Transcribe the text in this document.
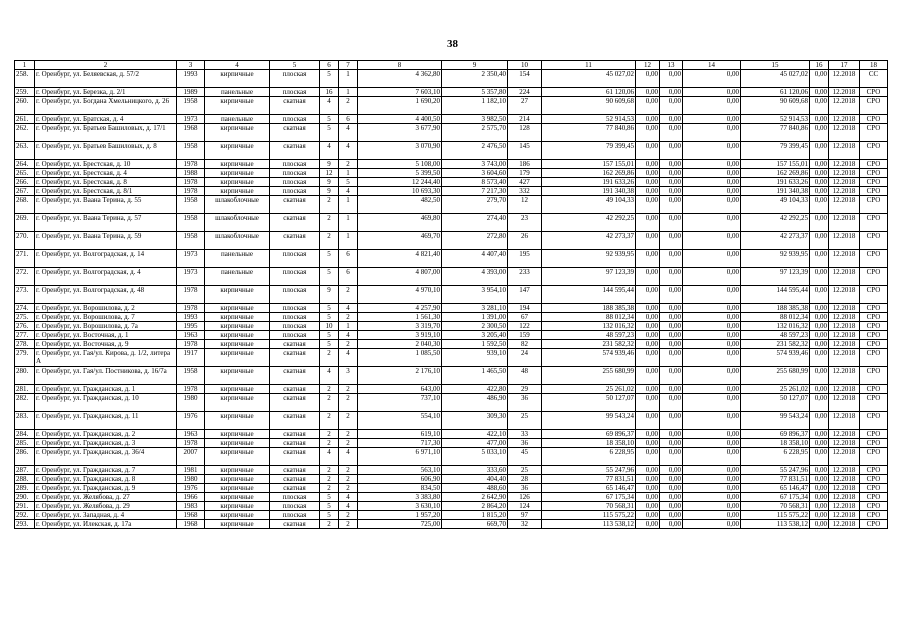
38
1	2	3	4	5	6	7	8	9	10	11	12	13	14	15	16	17	18
258.	г. Оренбург, ул. Беляевская, д. 57/2	1993	кирпичные	плоская	5	1	4 362,80	2 350,40	154	45 027,02	0,00	0,00	0,00	45 027,02	0,00	12.2018	СС
259.	г. Оренбург, ул. Березка, д. 2/1	1989	панельные	плоская	16	1	7 603,10	5 357,80	224	61 120,06	0,00	0,00	0,00	61 120,06	0,00	12.2018	СРО
260.	г. Оренбург, ул. Богдана Хмельницкого, д. 26	1958	кирпичные	скатная	4	2	1 690,20	1 182,10	27	90 609,68	0,00	0,00	0,00	90 609,68	0,00	12.2018	СРО
261.	г. Оренбург, ул. Братская, д. 4	1973	панельные	плоская	5	6	4 400,50	3 982,50	214	52 914,53	0,00	0,00	0,00	52 914,53	0,00	12.2018	СРО
262.	г. Оренбург, ул. Братьев Башиловых, д. 17/1	1968	кирпичные	скатная	5	4	3 677,90	2 575,70	128	77 840,86	0,00	0,00	0,00	77 840,86	0,00	12.2018	СРО
263.	г. Оренбург, ул. Братьев Башиловых, д. 8	1958	кирпичные	скатная	4	4	3 070,90	2 476,50	145	79 399,45	0,00	0,00	0,00	79 399,45	0,00	12.2018	СРО
264.	г. Оренбург, ул. Брестская, д. 10	1978	кирпичные	плоская	9	2	5 108,00	3 743,00	186	157 155,01	0,00	0,00	0,00	157 155,01	0,00	12.2018	СРО
265.	г. Оренбург, ул. Брестская, д. 4	1988	кирпичные	плоская	12	1	5 399,50	3 604,60	179	162 269,86	0,00	0,00	0,00	162 269,86	0,00	12.2018	СРО
266.	г. Оренбург, ул. Брестская, д. 8	1978	кирпичные	плоская	9	5	12 244,40	8 573,40	427	191 633,26	0,00	0,00	0,00	191 633,26	0,00	12.2018	СРО
267.	г. Оренбург, ул. Брестская, д. 8/1	1978	кирпичные	плоская	9	4	10 693,30	7 217,30	332	191 340,38	0,00	0,00	0,00	191 340,38	0,00	12.2018	СРО
268.	г. Оренбург, ул. Ваана Терина, д. 55	1958	шлакоблочные	скатная	2	1	482,50	279,70	12	49 104,33	0,00	0,00	0,00	49 104,33	0,00	12.2018	СРО
269.	г. Оренбург, ул. Ваана Терина, д. 57	1958	шлакоблочные	скатная	2	1	469,80	274,40	23	42 292,25	0,00	0,00	0,00	42 292,25	0,00	12.2018	СРО
270.	г. Оренбург, ул. Ваана Терина, д. 59	1958	шлакоблочные	скатная	2	1	469,70	272,80	26	42 273,37	0,00	0,00	0,00	42 273,37	0,00	12.2018	СРО
271.	г. Оренбург, ул. Волгоградская, д. 14	1973	панельные	плоская	5	6	4 821,40	4 407,40	195	92 939,95	0,00	0,00	0,00	92 939,95	0,00	12.2018	СРО
272.	г. Оренбург, ул. Волгоградская, д. 4	1973	панельные	плоская	5	6	4 807,00	4 393,00	233	97 123,39	0,00	0,00	0,00	97 123,39	0,00	12.2018	СРО
273.	г. Оренбург, ул. Волгоградская, д. 48	1978	кирпичные	плоская	9	2	4 970,10	3 954,10	147	144 595,44	0,00	0,00	0,00	144 595,44	0,00	12.2018	СРО
274.	г. Оренбург, ул. Ворошилова, д. 2	1978	кирпичные	плоская	5	4	4 257,90	3 281,10	194	188 385,38	0,00	0,00	0,00	188 385,38	0,00	12.2018	СРО
275.	г. Оренбург, ул. Ворошилова, д. 7	1993	кирпичные	плоская	5	2	1 561,30	1 391,00	67	88 012,34	0,00	0,00	0,00	88 012,34	0,00	12.2018	СРО
276.	г. Оренбург, ул. Ворошилова, д. 7а	1995	кирпичные	плоская	10	1	3 319,70	2 300,50	122	132 016,32	0,00	0,00	0,00	132 016,32	0,00	12.2018	СРО
277.	г. Оренбург, ул. Восточная, д. 1	1963	кирпичные	плоская	5	4	3 919,10	3 205,40	159	48 597,23	0,00	0,00	0,00	48 597,23	0,00	12.2018	СРО
278.	г. Оренбург, ул. Восточная, д. 9	1978	кирпичные	скатная	5	2	2 040,30	1 592,50	82	231 582,32	0,00	0,00	0,00	231 582,32	0,00	12.2018	СРО
279.	г. Оренбург, ул. Гая/ул. Кирова, д. 1/2, литера А	1917	кирпичные	скатная	2	4	1 085,50	939,10	24	574 939,46	0,00	0,00	0,00	574 939,46	0,00	12.2018	СРО
280.	г. Оренбург, ул. Гая/ул. Постникова, д. 16/7а	1958	кирпичные	скатная	4	3	2 176,10	1 465,50	48	255 680,99	0,00	0,00	0,00	255 680,99	0,00	12.2018	СРО
281.	г. Оренбург, ул. Гражданская, д. 1	1978	кирпичные	скатная	2	2	643,00	422,80	29	25 261,02	0,00	0,00	0,00	25 261,02	0,00	12.2018	СРО
282.	г. Оренбург, ул. Гражданская, д. 10	1980	кирпичные	скатная	2	2	737,10	486,90	36	50 127,07	0,00	0,00	0,00	50 127,07	0,00	12.2018	СРО
283.	г. Оренбург, ул. Гражданская, д. 11	1976	кирпичные	скатная	2	2	554,10	309,30	25	99 543,24	0,00	0,00	0,00	99 543,24	0,00	12.2018	СРО
284.	г. Оренбург, ул. Гражданская, д. 2	1963	кирпичные	скатная	2	2	619,10	422,10	33	69 896,37	0,00	0,00	0,00	69 896,37	0,00	12.2018	СРО
285.	г. Оренбург, ул. Гражданская, д. 3	1978	кирпичные	скатная	2	2	717,30	477,00	36	18 358,10	0,00	0,00	0,00	18 358,10	0,00	12.2018	СРО
286.	г. Оренбург, ул. Гражданская, д. 36/4	2007	кирпичные	скатная	4	4	6 971,10	5 033,10	45	6 228,95	0,00	0,00	0,00	6 228,95	0,00	12.2018	СРО
287.	г. Оренбург, ул. Гражданская, д. 7	1981	кирпичные	скатная	2	2	563,10	333,60	25	55 247,96	0,00	0,00	0,00	55 247,96	0,00	12.2018	СРО
288.	г. Оренбург, ул. Гражданская, д. 8	1980	кирпичные	скатная	2	2	606,90	404,40	28	77 831,51	0,00	0,00	0,00	77 831,51	0,00	12.2018	СРО
289.	г. Оренбург, ул. Гражданская, д. 9	1976	кирпичные	скатная	2	2	834,50	488,60	36	65 146,47	0,00	0,00	0,00	65 146,47	0,00	12.2018	СРО
290.	г. Оренбург, ул. Желябова, д. 27	1966	кирпичные	плоская	5	4	3 383,80	2 642,90	126	67 175,34	0,00	0,00	0,00	67 175,34	0,00	12.2018	СРО
291.	г. Оренбург, ул. Желябова, д. 29	1983	кирпичные	плоская	5	4	3 630,10	2 864,20	124	70 568,31	0,00	0,00	0,00	70 568,31	0,00	12.2018	СРО
292.	г. Оренбург, ул. Западная, д. 4	1968	кирпичные	плоская	5	2	1 957,20	1 815,20	97	115 575,22	0,00	0,00	0,00	115 575,22	0,00	12.2018	СРО
293.	г. Оренбург, ул. Илекская, д. 17а	1968	кирпичные	скатная	2	2	725,00	669,70	32	113 538,12	0,00	0,00	0,00	113 538,12	0,00	12.2018	СРО
